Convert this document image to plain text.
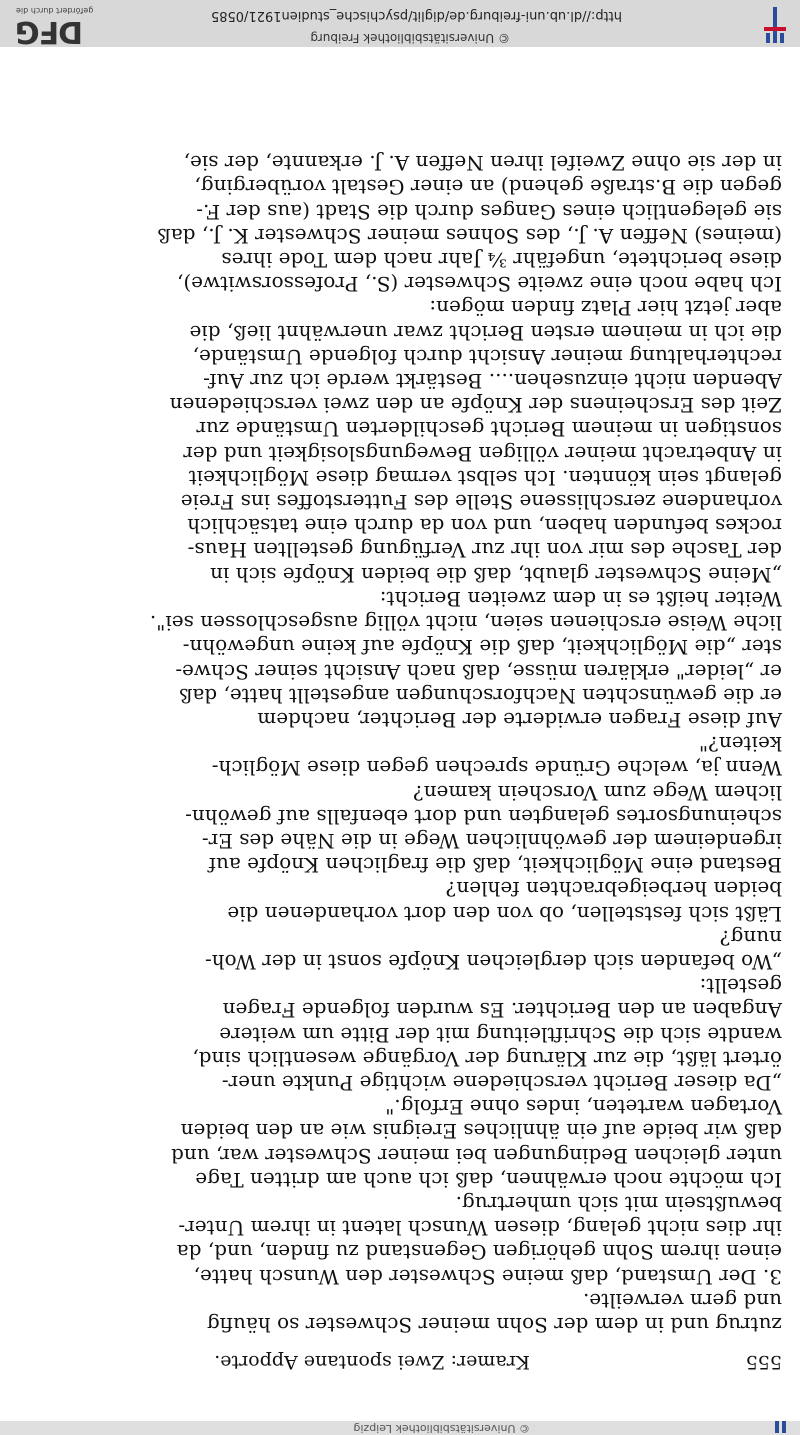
© Universitätsbibliothek Leipzig
555
Kramer: Zwei spontane Apporte.

zutrug und in dem der Sohn meiner Schwester so häufig
und gern verweilte.

3. Der Umstand, daß meine Schwester den Wunsch hatte,
einen ihrem Sohn gehörigen Gegenstand zu finden, und, da
ihr dies nicht gelang, diesen Wunsch latent in ihrem Unter-
bewußtsein mit sich umhertrug.

Ich möchte noch erwähnen, daß ich auch am dritten Tage
unter gleichen Bedingungen bei meiner Schwester war, und
daß wir beide auf ein ähnliches Ereignis wie an den beiden
Vortagen warteten, indes ohne Erfolg."

„Da dieser Bericht verschiedene wichtige Punkte uner-
örtert läßt, die zur Klärung der Vorgänge wesentlich sind,
wandte sich die Schriftleitung mit der Bitte um weitere
Angaben an den Berichter. Es wurden folgende Fragen
gestellt:

„Wo befanden sich dergleichen Knöpfe sonst in der Woh-
nung?

Läßt sich feststellen, ob von den dort vorhandenen die
beiden herbeigebrachten fehlen?

Bestand eine Möglichkeit, daß die fraglichen Knöpfe auf
irgendeinem der gewöhnlichen Wege in die Nähe des Er-
scheinungsortes gelangten und dort ebenfalls auf gewöhn-
lichem Wege zum Vorschein kamen?

Wenn ja, welche Gründe sprechen gegen diese Möglich-
keiten?"

Auf diese Fragen erwiderte der Berichter, nachdem
er die gewünschten Nachforschungen angestellt hatte, daß
er „leider" erklären müsse, daß nach Ansicht seiner Schwe-
ster „die Möglichkeit, daß die Knöpfe auf keine ungewöhn-
liche Weise erschienen seien, nicht völlig ausgeschlossen sei".

Weiter heißt es in dem zweiten Bericht:

„Meine Schwester glaubt, daß die beiden Knöpfe sich in
der Tasche des mir von ihr zur Verfügung gestellten Haus-
rockes befunden haben, und von da durch eine tatsächlich
vorhandene zerschlissene Stelle des Futterstoffes ins Freie
gelangt sein könnten. Ich selbst vermag diese Möglichkeit
in Anbetracht meiner völligen Bewegungslosigkeit und der
sonstigen in meinem Bericht geschilderten Umstände zur
Zeit des Erscheinens der Knöpfe an den zwei verschiedenen
Abenden nicht einzusehen.... Bestärkt werde ich zur Auf-
rechterhaltung meiner Ansicht durch folgende Umstände,
die ich in meinem ersten Bericht zwar unerwähnt ließ, die
aber jetzt hier Platz finden mögen:

Ich habe noch eine zweite Schwester (S., Professorswitwe),
diese berichtete, ungefähr ¾ Jahr nach dem Tode ihres
(meines) Neffen A. J., des Sohnes meiner Schwester K. J., daß
sie gelegentlich eines Ganges durch die Stadt (aus der F.-
gegen die B.straße gehend) an einer Gestalt vorüberging,
in der sie ohne Zweifel ihren Neffen A. J. erkannte, der sie,

© Universitätsbibliothek Freiburg
http://dl.ub.uni-freiburg.de/diglit/psychische_studien1921/0585
DFG
gefördert durch die
